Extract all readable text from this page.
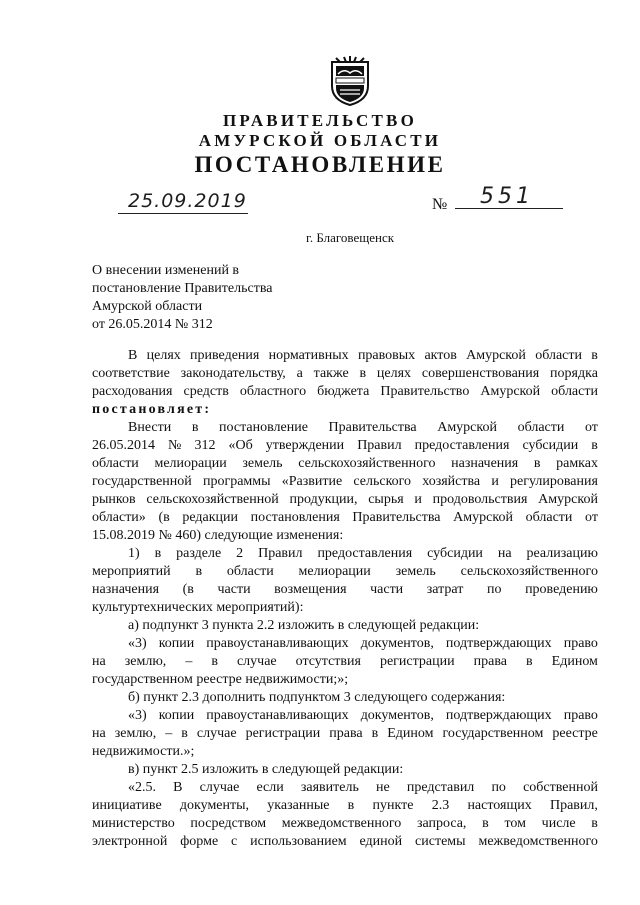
ПРАВИТЕЛЬСТВО
АМУРСКОЙ ОБЛАСТИ
ПОСТАНОВЛЕНИЕ
25.09.2019	№ 551
г. Благовещенск
О внесении изменений в
постановление Правительства
Амурской области
от 26.05.2014 № 312
В целях приведения нормативных правовых актов Амурской области в
соответствие законодательству, а также в целях совершенствования порядка
расходования средств областного бюджета Правительство Амурской области
постановляет:
Внести в постановление Правительства Амурской области от
26.05.2014 № 312 «Об утверждении Правил предоставления субсидии в
области мелиорации земель сельскохозяйственного назначения в рамках
государственной программы «Развитие сельского хозяйства и регулирования
рынков сельскохозяйственной продукции, сырья и продовольствия Амурской
области» (в редакции постановления Правительства Амурской области от
15.08.2019 № 460) следующие изменения:
1) в разделе 2 Правил предоставления субсидии на реализацию
мероприятий в области мелиорации земель сельскохозяйственного
назначения (в части возмещения части затрат по проведению
культуртехнических мероприятий):
а) подпункт 3 пункта 2.2 изложить в следующей редакции:
«3) копии правоустанавливающих документов, подтверждающих право
на землю, – в случае отсутствия регистрации права в Едином
государственном реестре недвижимости;»;
б) пункт 2.3 дополнить подпунктом 3 следующего содержания:
«3) копии правоустанавливающих документов, подтверждающих право
на землю, – в случае регистрации права в Едином государственном реестре
недвижимости.»;
в) пункт 2.5 изложить в следующей редакции:
«2.5. В случае если заявитель не представил по собственной
инициативе документы, указанные в пункте 2.3 настоящих Правил,
министерство посредством межведомственного запроса, в том числе в
электронной форме с использованием единой системы межведомственного
